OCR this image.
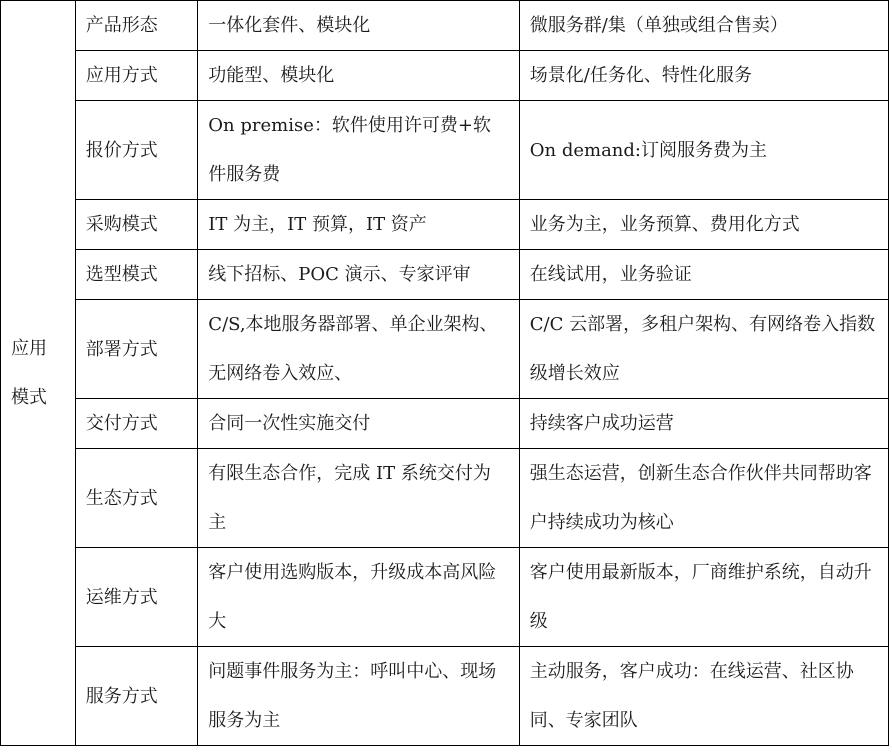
应用
模式	产品形态	一体化套件、模块化	微服务群/集（单独或组合售卖）
	应用方式	功能型、模块化	场景化/任务化、特性化服务
	报价方式	On premise：软件使用许可费+软件服务费	On demand:订阅服务费为主
	采购模式	IT 为主，IT 预算，IT 资产	业务为主，业务预算、费用化方式
	选型模式	线下招标、POC 演示、专家评审	在线试用，业务验证
	部署方式	C/S,本地服务器部署、单企业架构、无网络卷入效应、	C/C 云部署，多租户架构、有网络卷入指数级增长效应
	交付方式	合同一次性实施交付	持续客户成功运营
	生态方式	有限生态合作，完成 IT 系统交付为主	强生态运营，创新生态合作伙伴共同帮助客户持续成功为核心
	运维方式	客户使用选购版本，升级成本高风险大	客户使用最新版本，厂商维护系统，自动升级
	服务方式	问题事件服务为主：呼叫中心、现场服务为主	主动服务，客户成功：在线运营、社区协同、专家团队
